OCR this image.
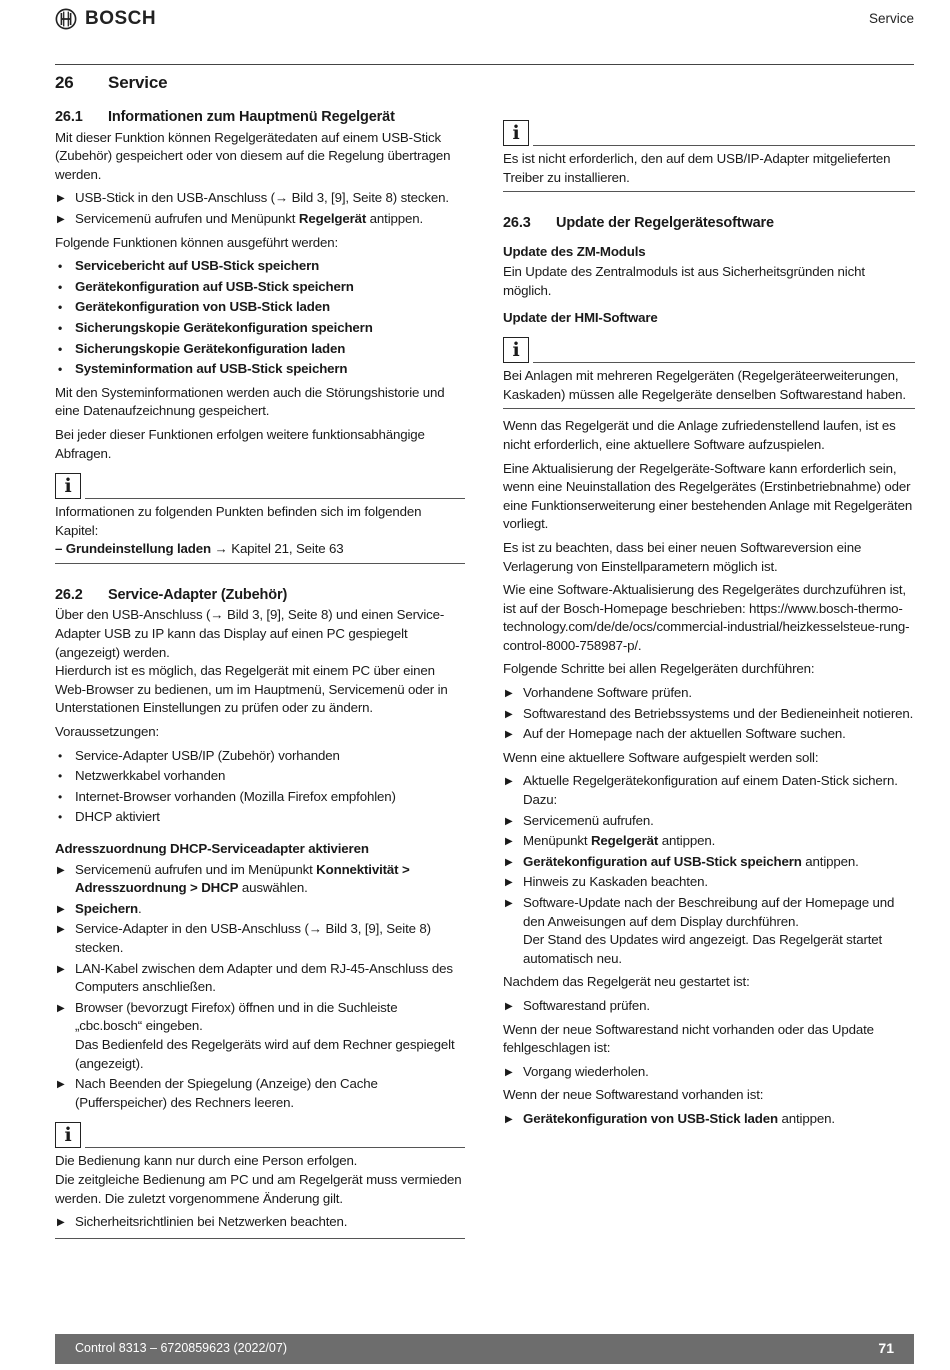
BOSCH	Service
26	Service
26.1	Informationen zum Hauptmenü Regelgerät

Mit dieser Funktion können Regelgerätedaten auf einem USB-Stick (Zubehör) gespeichert oder von diesem auf die Regelung übertragen werden.

▶ USB-Stick in den USB-Anschluss (→ Bild 3, [9], Seite 8) stecken.
▶ Servicemenü aufrufen und Menüpunkt Regelgerät antippen.

Folgende Funktionen können ausgeführt werden:

• Servicebericht auf USB-Stick speichern
• Gerätekonfiguration auf USB-Stick speichern
• Gerätekonfiguration von USB-Stick laden
• Sicherungskopie Gerätekonfiguration speichern
• Sicherungskopie Gerätekonfiguration laden
• Systeminformation auf USB-Stick speichern

Mit den Systeminformationen werden auch die Störungshistorie und eine Datenaufzeichnung gespeichert.

Bei jeder dieser Funktionen erfolgen weitere funktionsabhängige Abfragen.

i
Informationen zu folgenden Punkten befinden sich im folgenden Kapitel:
– Grundeinstellung laden → Kapitel 21, Seite 63
26.2	Service-Adapter (Zubehör)

Über den USB-Anschluss (→ Bild 3, [9], Seite 8) und einen Service-Adapter USB zu IP kann das Display auf einen PC gespiegelt (angezeigt) werden.

Hierdurch ist es möglich, das Regelgerät mit einem PC über einen Web-Browser zu bedienen, um im Hauptmenü, Servicemenü oder in Unterstationen Einstellungen zu prüfen oder zu ändern.

Voraussetzungen:

• Service-Adapter USB/IP (Zubehör) vorhanden
• Netzwerkkabel vorhanden
• Internet-Browser vorhanden (Mozilla Firefox empfohlen)
• DHCP aktiviert
Adresszuordnung DHCP-Serviceadapter aktivieren
▶ Servicemenü aufrufen und im Menüpunkt Konnektivität > Adresszuordnung > DHCP auswählen.
▶ Speichern.
▶ Service-Adapter in den USB-Anschluss (→ Bild 3, [9], Seite 8) stecken.
▶ LAN-Kabel zwischen dem Adapter und dem RJ-45-Anschluss des Computers anschließen.
▶ Browser (bevorzugt Firefox) öffnen und in die Suchleiste „cbc.bosch“ eingeben.
Das Bedienfeld des Regelgeräts wird auf dem Rechner gespiegelt (angezeigt).
▶ Nach Beenden der Spiegelung (Anzeige) den Cache (Pufferspeicher) des Rechners leeren.
i
Die Bedienung kann nur durch eine Person erfolgen.
Die zeitgleiche Bedienung am PC und am Regelgerät muss vermieden werden. Die zuletzt vorgenommene Änderung gilt.
▶ Sicherheitsrichtlinien bei Netzwerken beachten.
i
Es ist nicht erforderlich, den auf dem USB/IP-Adapter mitgelieferten Treiber zu installieren.
26.3	Update der Regelgerätesoftware
Update des ZM-Moduls

Ein Update des Zentralmoduls ist aus Sicherheitsgründen nicht möglich.

Update der HMI-Software
i
Bei Anlagen mit mehreren Regelgeräten (Regelgeräteerweiterungen, Kaskaden) müssen alle Regelgeräte denselben Softwarestand haben.

Wenn das Regelgerät und die Anlage zufriedenstellend laufen, ist es nicht erforderlich, eine aktuellere Software aufzuspielen.

Eine Aktualisierung der Regelgeräte-Software kann erforderlich sein, wenn eine Neuinstallation des Regelgerätes (Erstinbetriebnahme) oder eine Funktionserweiterung einer bestehenden Anlage mit Regelgeräten vorliegt.

Es ist zu beachten, dass bei einer neuen Softwareversion eine Verlagerung von Einstellparametern möglich ist.

Wie eine Software-Aktualisierung des Regelgerätes durchzuführen ist, ist auf der Bosch-Homepage beschrieben: https://www.bosch-thermo-technology.com/de/de/ocs/commercial-industrial/heizkesselsteue-rung-control-8000-758987-p/.

Folgende Schritte bei allen Regelgeräten durchführen:

▶ Vorhandene Software prüfen.
▶ Softwarestand des Betriebssystems und der Bedieneinheit notieren.
▶ Auf der Homepage nach der aktuellen Software suchen.

Wenn eine aktuellere Software aufgespielt werden soll:

▶ Aktuelle Regelgerätekonfiguration auf einem Daten-Stick sichern. Dazu:
▶ Servicemenü aufrufen.
▶ Menüpunkt Regelgerät antippen.
▶ Gerätekonfiguration auf USB-Stick speichern antippen.
▶ Hinweis zu Kaskaden beachten.
▶ Software-Update nach der Beschreibung auf der Homepage und den Anweisungen auf dem Display durchführen.
Der Stand des Updates wird angezeigt. Das Regelgerät startet automatisch neu.

Nachdem das Regelgerät neu gestartet ist:

▶ Softwarestand prüfen.

Wenn der neue Softwarestand nicht vorhanden oder das Update fehlgeschlagen ist:

▶ Vorgang wiederholen.

Wenn der neue Softwarestand vorhanden ist:

▶ Gerätekonfiguration von USB-Stick laden antippen.
Control 8313 – 6720859623 (2022/07)	71
